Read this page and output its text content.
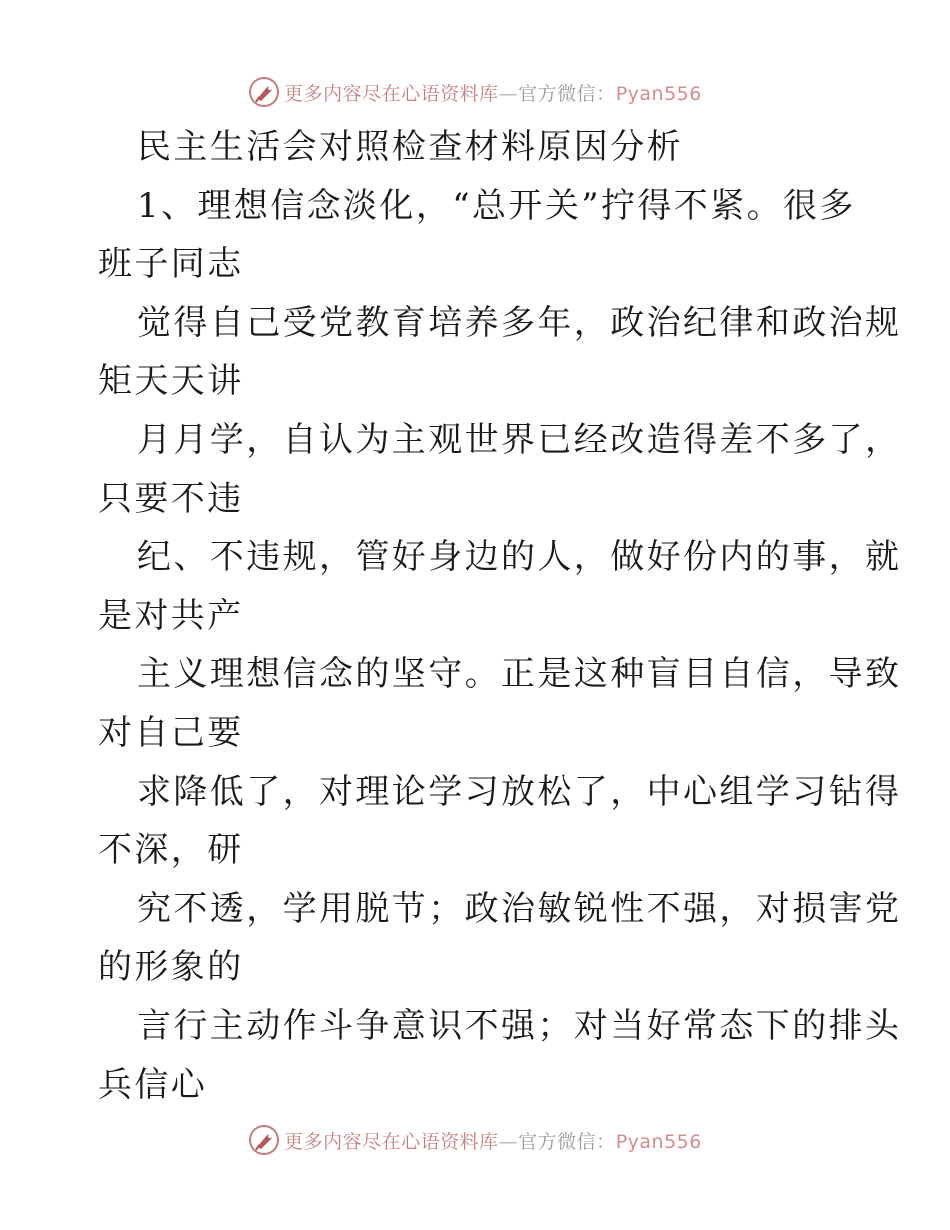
更多内容尽在心语资料库—官方微信：Pyan556
民主生活会对照检查材料原因分析
1、理想信念淡化，“总开关”拧得不紧。很多
班子同志
觉得自己受党教育培养多年，政治纪律和政治规
矩天天讲
月月学，自认为主观世界已经改造得差不多了，
只要不违
纪、不违规，管好身边的人，做好份内的事，就
是对共产
主义理想信念的坚守。正是这种盲目自信，导致
对自己要
求降低了，对理论学习放松了，中心组学习钻得
不深，研
究不透，学用脱节；政治敏锐性不强，对损害党
的形象的
言行主动作斗争意识不强；对当好常态下的排头
兵信心
更多内容尽在心语资料库—官方微信：Pyan556
